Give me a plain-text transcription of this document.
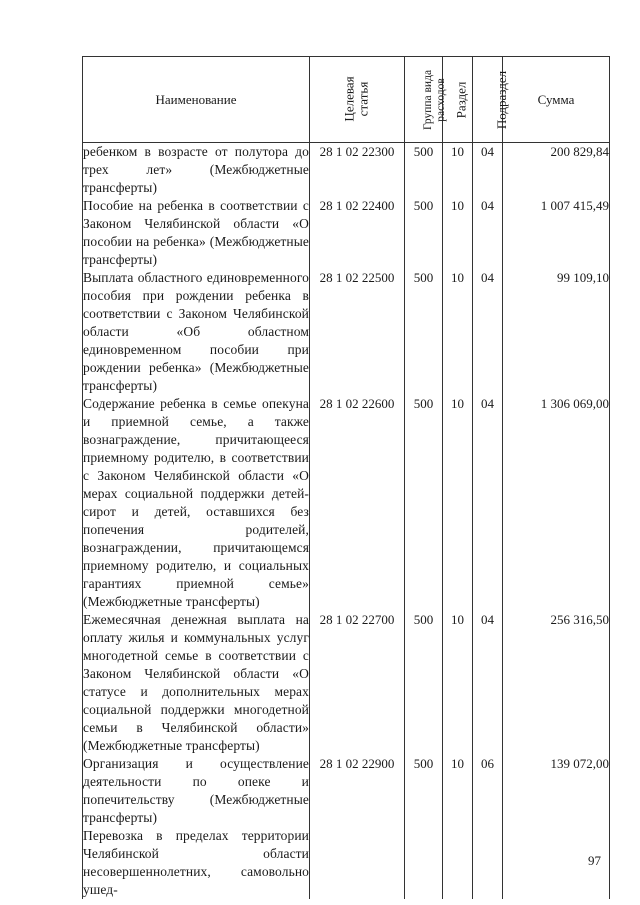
Наименование	Целевая статья	Группа вида расходов	Раздел	Подраздел	Сумма
ребенком в возрасте от полутора до трех лет» (Межбюджетные трансферты)	28 1 02 22300	500	10	04	200 829,84
Пособие на ребенка в соответствии с Законом Челябинской области «О пособии на ребенка» (Межбюджетные трансферты)	28 1 02 22400	500	10	04	1 007 415,49
Выплата областного единовременного пособия при рождении ребенка в соответствии с Законом Челябинской области «Об областном единовременном пособии при рождении ребенка» (Межбюджетные трансферты)	28 1 02 22500	500	10	04	99 109,10
Содержание ребенка в семье опекуна и приемной семье, а также вознаграждение, причитающееся приемному родителю, в соответствии с Законом Челябинской области «О мерах социальной поддержки детей-сирот и детей, оставшихся без попечения родителей, вознаграждении, причитающемся приемному родителю, и социальных гарантиях приемной семье» (Межбюджетные трансферты)	28 1 02 22600	500	10	04	1 306 069,00
Ежемесячная денежная выплата на оплату жилья и коммунальных услуг многодетной семье в соответствии с Законом Челябинской области «О статусе и дополнительных мерах социальной поддержки многодетной семьи в Челябинской области» (Межбюджетные трансферты)	28 1 02 22700	500	10	04	256 316,50
Организация и осуществление деятельности по опеке и попечительству (Межбюджетные трансферты)	28 1 02 22900	500	10	06	139 072,00
Перевозка в пределах территории Челябинской области несовершеннолетних, самовольно ушед-					
97
